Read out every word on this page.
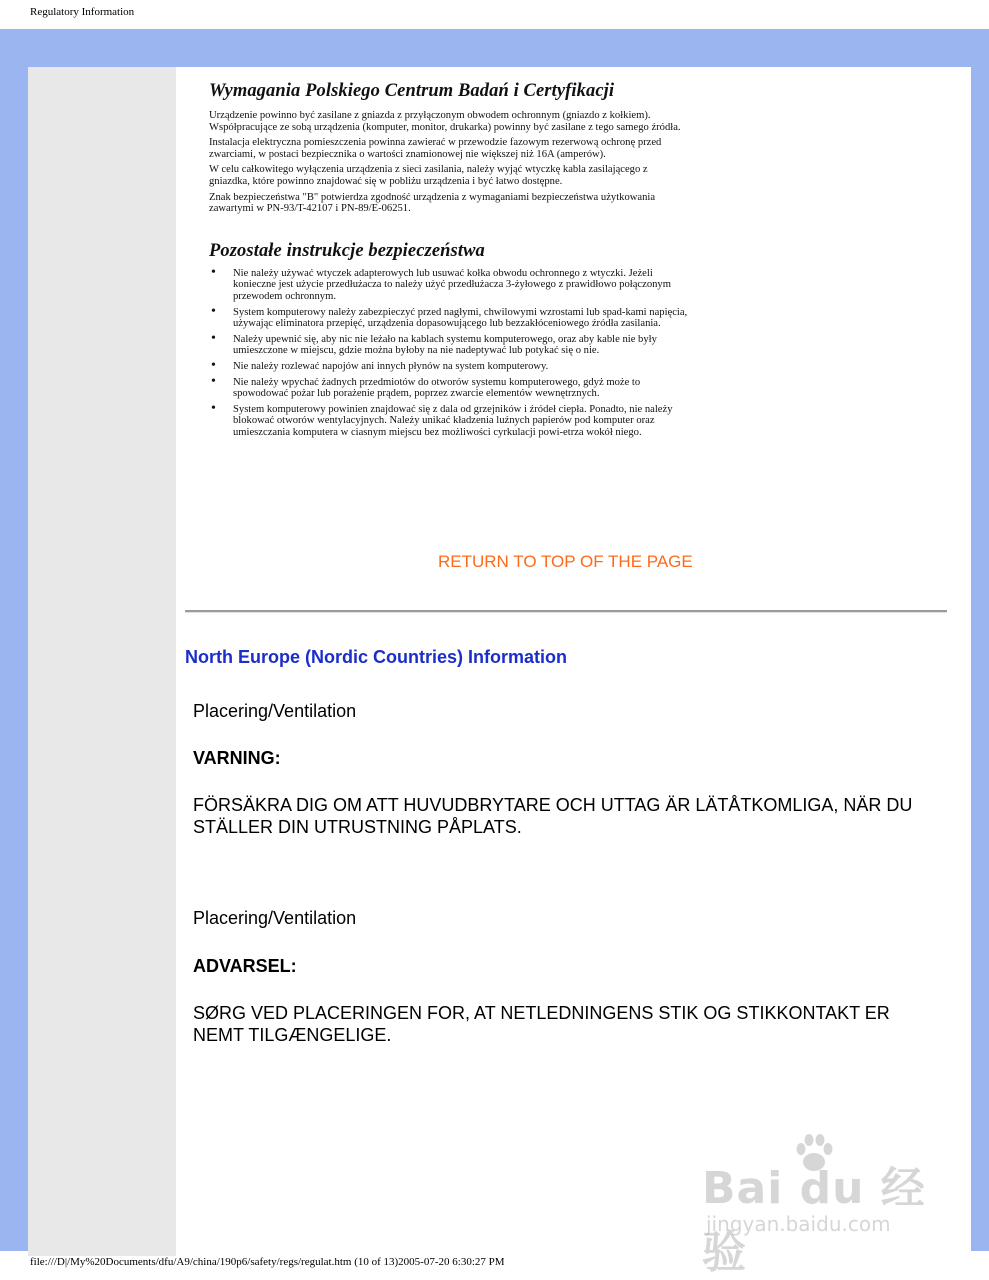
Regulatory Information
Wymagania Polskiego Centrum Badań i Certyfikacji

Urządzenie powinno być zasilane z gniazda z przyłączonym obwodem ochronnym (gniazdo z kołkiem). Współpracujące ze sobą urządzenia (komputer, monitor, drukarka) powinny być zasilane z tego samego źródła.

Instalacja elektryczna pomieszczenia powinna zawierać w przewodzie fazowym rezerwową ochronę przed zwarciami, w postaci bezpiecznika o wartości znamionowej nie większej niż 16A (amperów).

W celu całkowitego wyłączenia urządzenia z sieci zasilania, należy wyjąć wtyczkę kabla zasilającego z gniazdka, które powinno znajdować się w pobliżu urządzenia i być łatwo dostępne.

Znak bezpieczeństwa "B" potwierdza zgodność urządzenia z wymaganiami bezpieczeństwa użytkowania zawartymi w PN-93/T-42107 i PN-89/E-06251.

Pozostałe instrukcje bezpieczeństwa
• Nie należy używać wtyczek adapterowych lub usuwać kołka obwodu ochronnego z wtyczki. Jeżeli konieczne jest użycie przedłużacza to należy użyć przedłużacza 3-żyłowego z prawidłowo połączonym przewodem ochronnym.
• System komputerowy należy zabezpieczyć przed nagłymi, chwilowymi wzrostami lub spad-kami napięcia, używając eliminatora przepięć, urządzenia dopasowującego lub bezzakłóceniowego źródła zasilania.
• Należy upewnić się, aby nic nie leżało na kablach systemu komputerowego, oraz aby kable nie były umieszczone w miejscu, gdzie można byłoby na nie nadeptywać lub potykać się o nie.
• Nie należy rozlewać napojów ani innych płynów na system komputerowy.
• Nie należy wpychać żadnych przedmiotów do otworów systemu komputerowego, gdyż może to spowodować pożar lub porażenie prądem, poprzez zwarcie elementów wewnętrznych.
• System komputerowy powinien znajdować się z dala od grzejników i źródeł ciepła. Ponadto, nie należy blokować otworów wentylacyjnych. Należy unikać kładzenia luźnych papierów pod komputer oraz umieszczania komputera w ciasnym miejscu bez możliwości cyrkulacji powi-etrza wokół niego.
RETURN TO TOP OF THE PAGE
North Europe (Nordic Countries) Information
Placering/Ventilation
VARNING:
FÖRSÄKRA DIG OM ATT HUVUDBRYTARE OCH UTTAG ÄR LÄTÅTKOMLIGA, NÄR DU STÄLLER DIN UTRUSTNING PÅPLATS.
Placering/Ventilation
ADVARSEL:
SØRG VED PLACERINGEN FOR, AT NETLEDNINGENS STIK OG STIKKONTAKT ER NEMT TILGÆNGELIGE.
Bai du 经验
jingyan.baidu.com
file:///D|/My%20Documents/dfu/A9/china/190p6/safety/regs/regulat.htm (10 of 13)2005-07-20 6:30:27 PM
